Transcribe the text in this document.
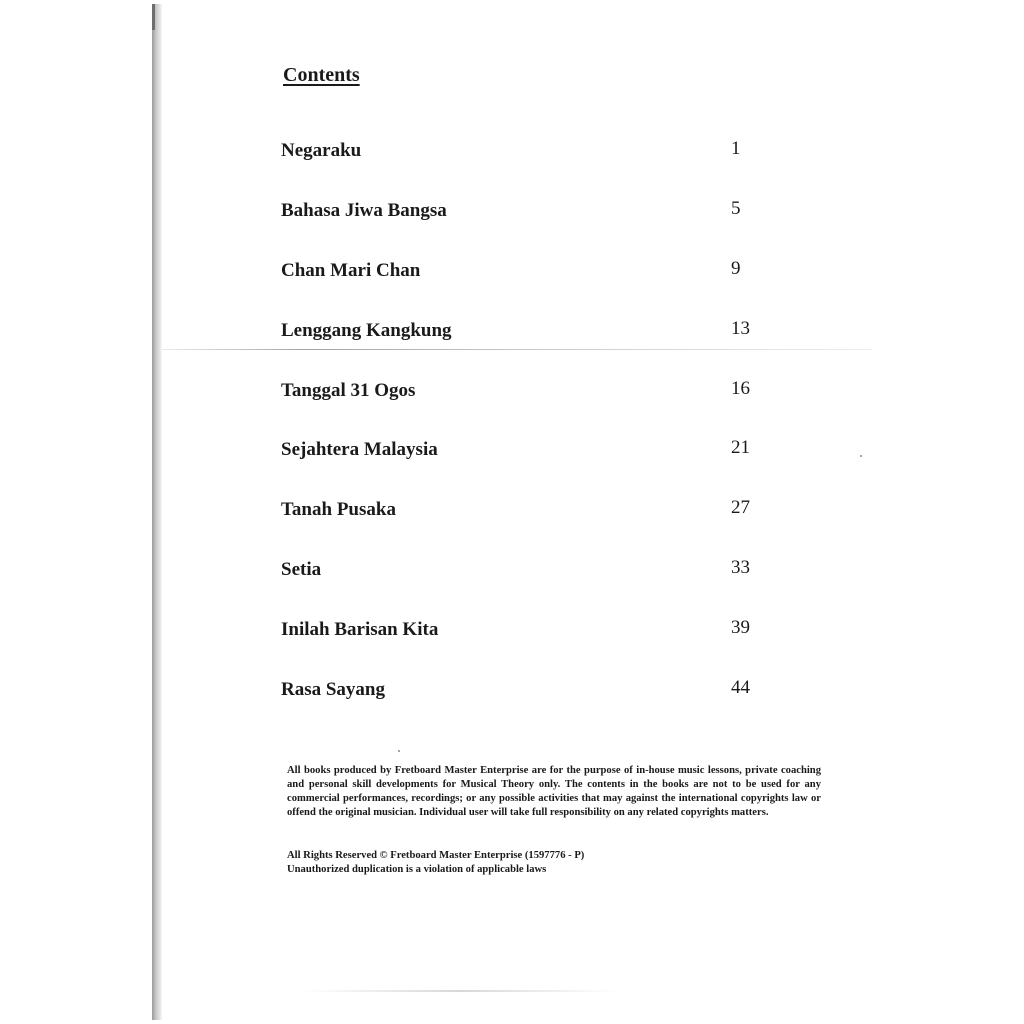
Contents
Negaraku	1
Bahasa Jiwa Bangsa	5
Chan Mari Chan	9
Lenggang Kangkung	13
Tanggal 31 Ogos	16
Sejahtera Malaysia	21
Tanah Pusaka	27
Setia	33
Inilah Barisan Kita	39
Rasa Sayang	44

All books produced by Fretboard Master Enterprise are for the purpose of in-house music lessons, private coaching and personal skill developments for Musical Theory only. The contents in the books are not to be used for any commercial performances, recordings; or any possible activities that may against the international copyrights law or offend the original musician. Individual user will take full responsibility on any related copyrights matters.

All Rights Reserved © Fretboard Master Enterprise (1597776 - P)
Unauthorized duplication is a violation of applicable laws
